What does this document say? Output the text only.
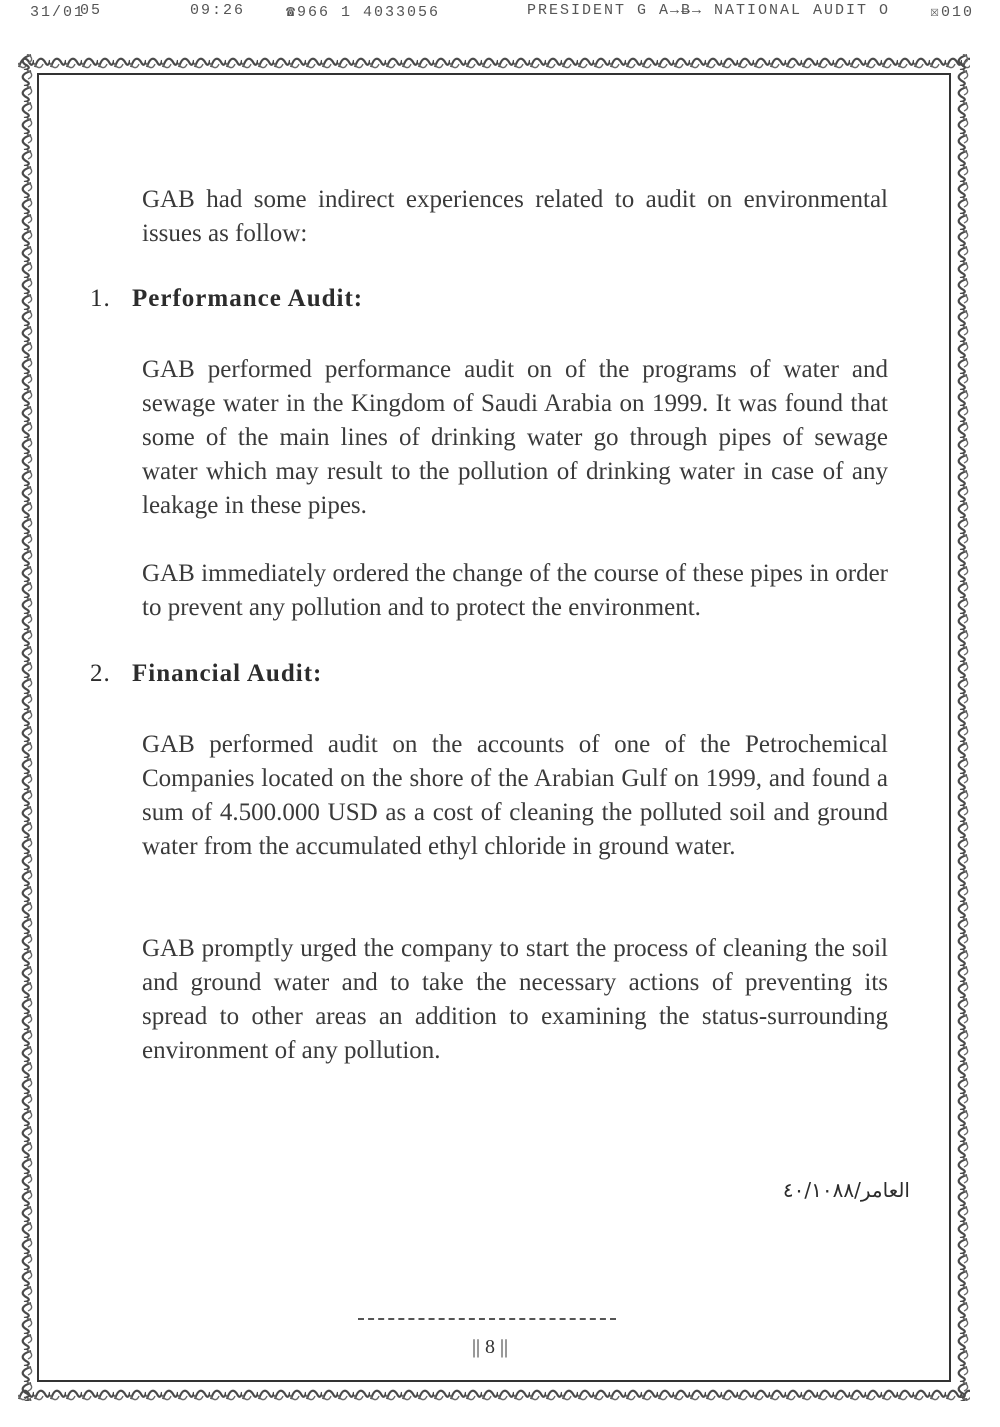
31/01
05	09:26	☎966 1 4033056	PRESIDENT G A B
→→→ NATIONAL AUDIT O	☒010

GAB had some indirect experiences related to audit on environmental issues as follow:

1. Performance Audit:

GAB performed performance audit on of the programs of water and sewage water in the Kingdom of Saudi Arabia on 1999. It was found that some of the main lines of drinking water go through pipes of sewage water which may result to the pollution of drinking water in case of any leakage in these pipes.

GAB immediately ordered the change of the course of these pipes in order to prevent any pollution and to protect the environment.

2. Financial Audit:

GAB performed audit on the accounts of one of the Petrochemical Companies located on the shore of the Arabian Gulf on 1999, and found a sum of 4.500.000 USD as a cost of cleaning the polluted soil and ground water from the accumulated ethyl chloride in ground water.

GAB promptly urged the company to start the process of cleaning the soil and ground water and to take the necessary actions of preventing its spread to other areas an addition to examining the status-surrounding environment of any pollution.

العامر/٤٠/١٠٨٨
|| 8 ||
